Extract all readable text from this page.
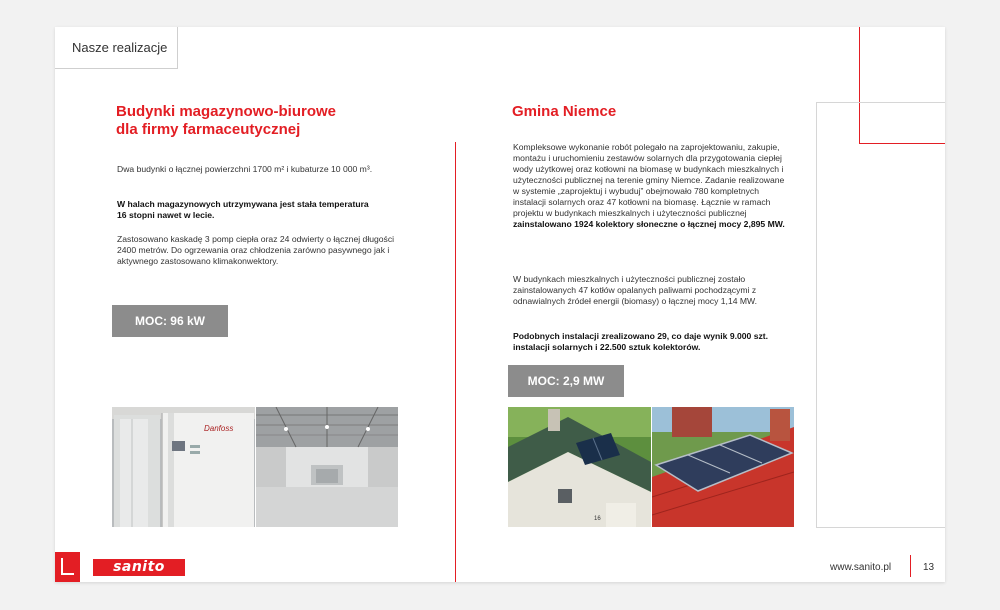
Nasze realizacje
Budynki magazynowo-biurowe
dla firmy farmaceutycznej

Dwa budynki o łącznej powierzchni 1700 m² i kubaturze 10 000 m³.

W halach magazynowych utrzymywana jest stała temperatura 16 stopni nawet w lecie.

Zastosowano kaskadę 3 pomp ciepła oraz 24 odwierty o łącznej długości 2400 metrów. Do ogrzewania oraz chłodzenia zarówno pasywnego jak i aktywnego zastosowano klimakonwektory.

MOC: 96 kW
Danfoss
Gmina Niemce

Kompleksowe wykonanie robót polegało na zaprojektowaniu, zakupie, montażu i uruchomieniu zestawów solarnych dla przygotowania ciepłej wody użytkowej oraz kotłowni na biomasę w budynkach mieszkalnych i użyteczności publicznej na terenie gminy Niemce. Zadanie realizowane w systemie „zaprojektuj i wybuduj” obejmowało 780 kompletnych instalacji solarnych oraz 47 kotłowni na biomasę. Łącznie w ramach projektu w budynkach mieszkalnych i użyteczności publicznej zainstalowano 1924 kolektory słoneczne o łącznej mocy 2,895 MW.

W budynkach mieszkalnych i użyteczności publicznej zostało zainstalowanych 47 kotłów opalanych paliwami pochodzącymi z odnawialnych źródeł energii (biomasy) o łącznej mocy 1,14 MW.

Podobnych instalacji zrealizowano 29, co daje wynik 9.000 szt. instalacji solarnych i 22.500 sztuk kolektorów.

MOC: 2,9 MW
16
sanito	www.sanito.pl	13
